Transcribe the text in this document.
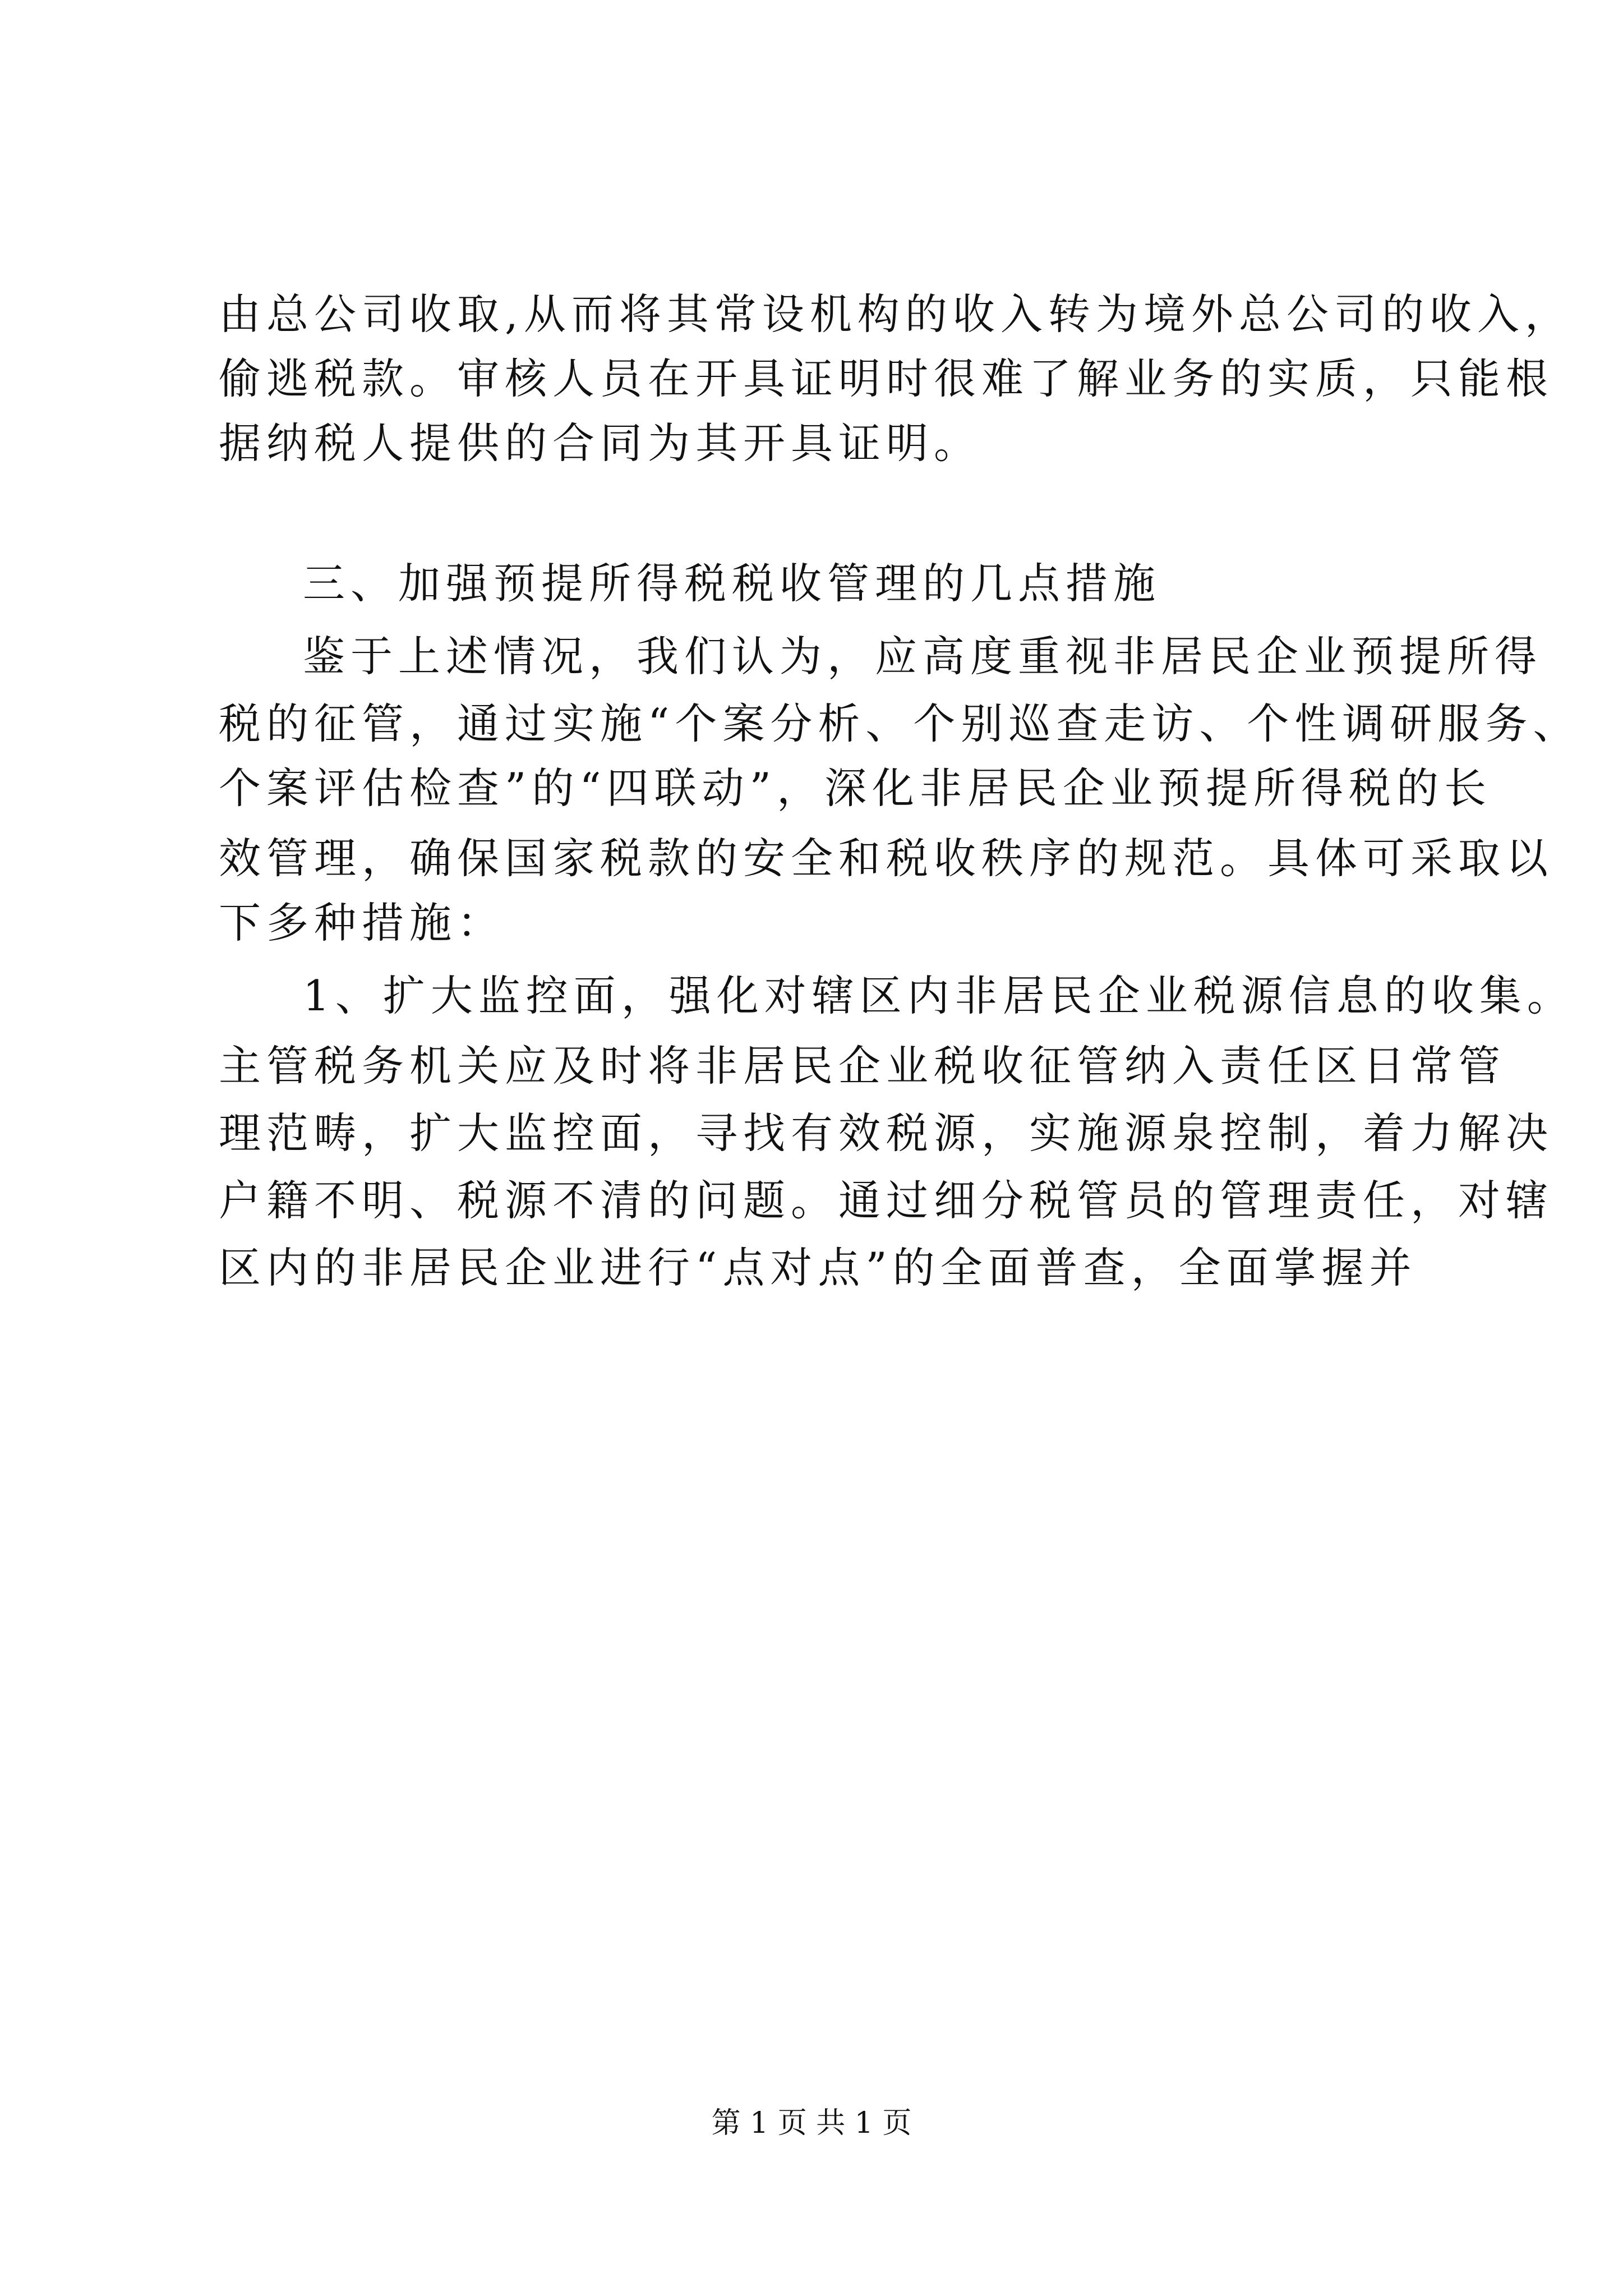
由总公司收取,从而将其常设机构的收入转为境外总公司的收入，
偷逃税款。审核人员在开具证明时很难了解业务的实质，只能根
据纳税人提供的合同为其开具证明。
三、加强预提所得税税收管理的几点措施
鉴于上述情况，我们认为，应高度重视非居民企业预提所得
税的征管，通过实施“个案分析、个别巡查走访、个性调研服务、
个案评估检查”的“四联动”，深化非居民企业预提所得税的长
效管理，确保国家税款的安全和税收秩序的规范。具体可采取以
下多种措施：
1、扩大监控面，强化对辖区内非居民企业税源信息的收集。
主管税务机关应及时将非居民企业税收征管纳入责任区日常管
理范畴，扩大监控面，寻找有效税源，实施源泉控制，着力解决
户籍不明、税源不清的问题。通过细分税管员的管理责任，对辖
区内的非居民企业进行“点对点”的全面普查，全面掌握并
第 1 页 共 1 页
